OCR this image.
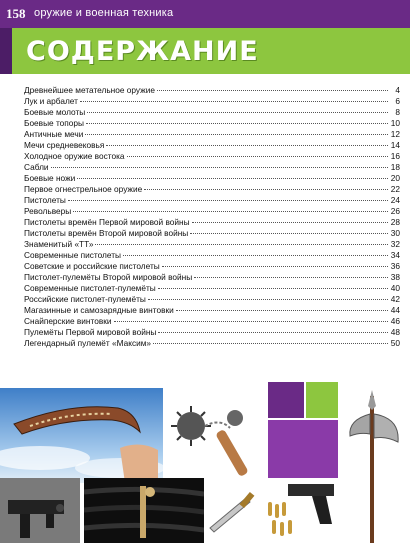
158 оружие и военная техника
СОДЕРЖАНИЕ
Древнейшее метательное оружие	4
Лук и арбалет	6
Боевые молоты	8
Боевые топоры	10
Античные мечи	12
Мечи средневековья	14
Холодное оружие востока	16
Сабли	18
Боевые ножи	20
Первое огнестрельное оружие	22
Пистолеты	24
Револьверы	26
Пистолеты времён Первой мировой войны	28
Пистолеты времён Второй мировой войны	30
Знаменитый «ТТ»	32
Современные пистолеты	34
Советские и российские пистолеты	36
Пистолет-пулемёты Второй мировой войны	38
Современные пистолет-пулемёты	40
Российские пистолет-пулемёты	42
Магазинные и самозарядные винтовки	44
Снайперские винтовки	46
Пулемёты Первой мировой войны	48
Легендарный пулемёт «Максим»	50
